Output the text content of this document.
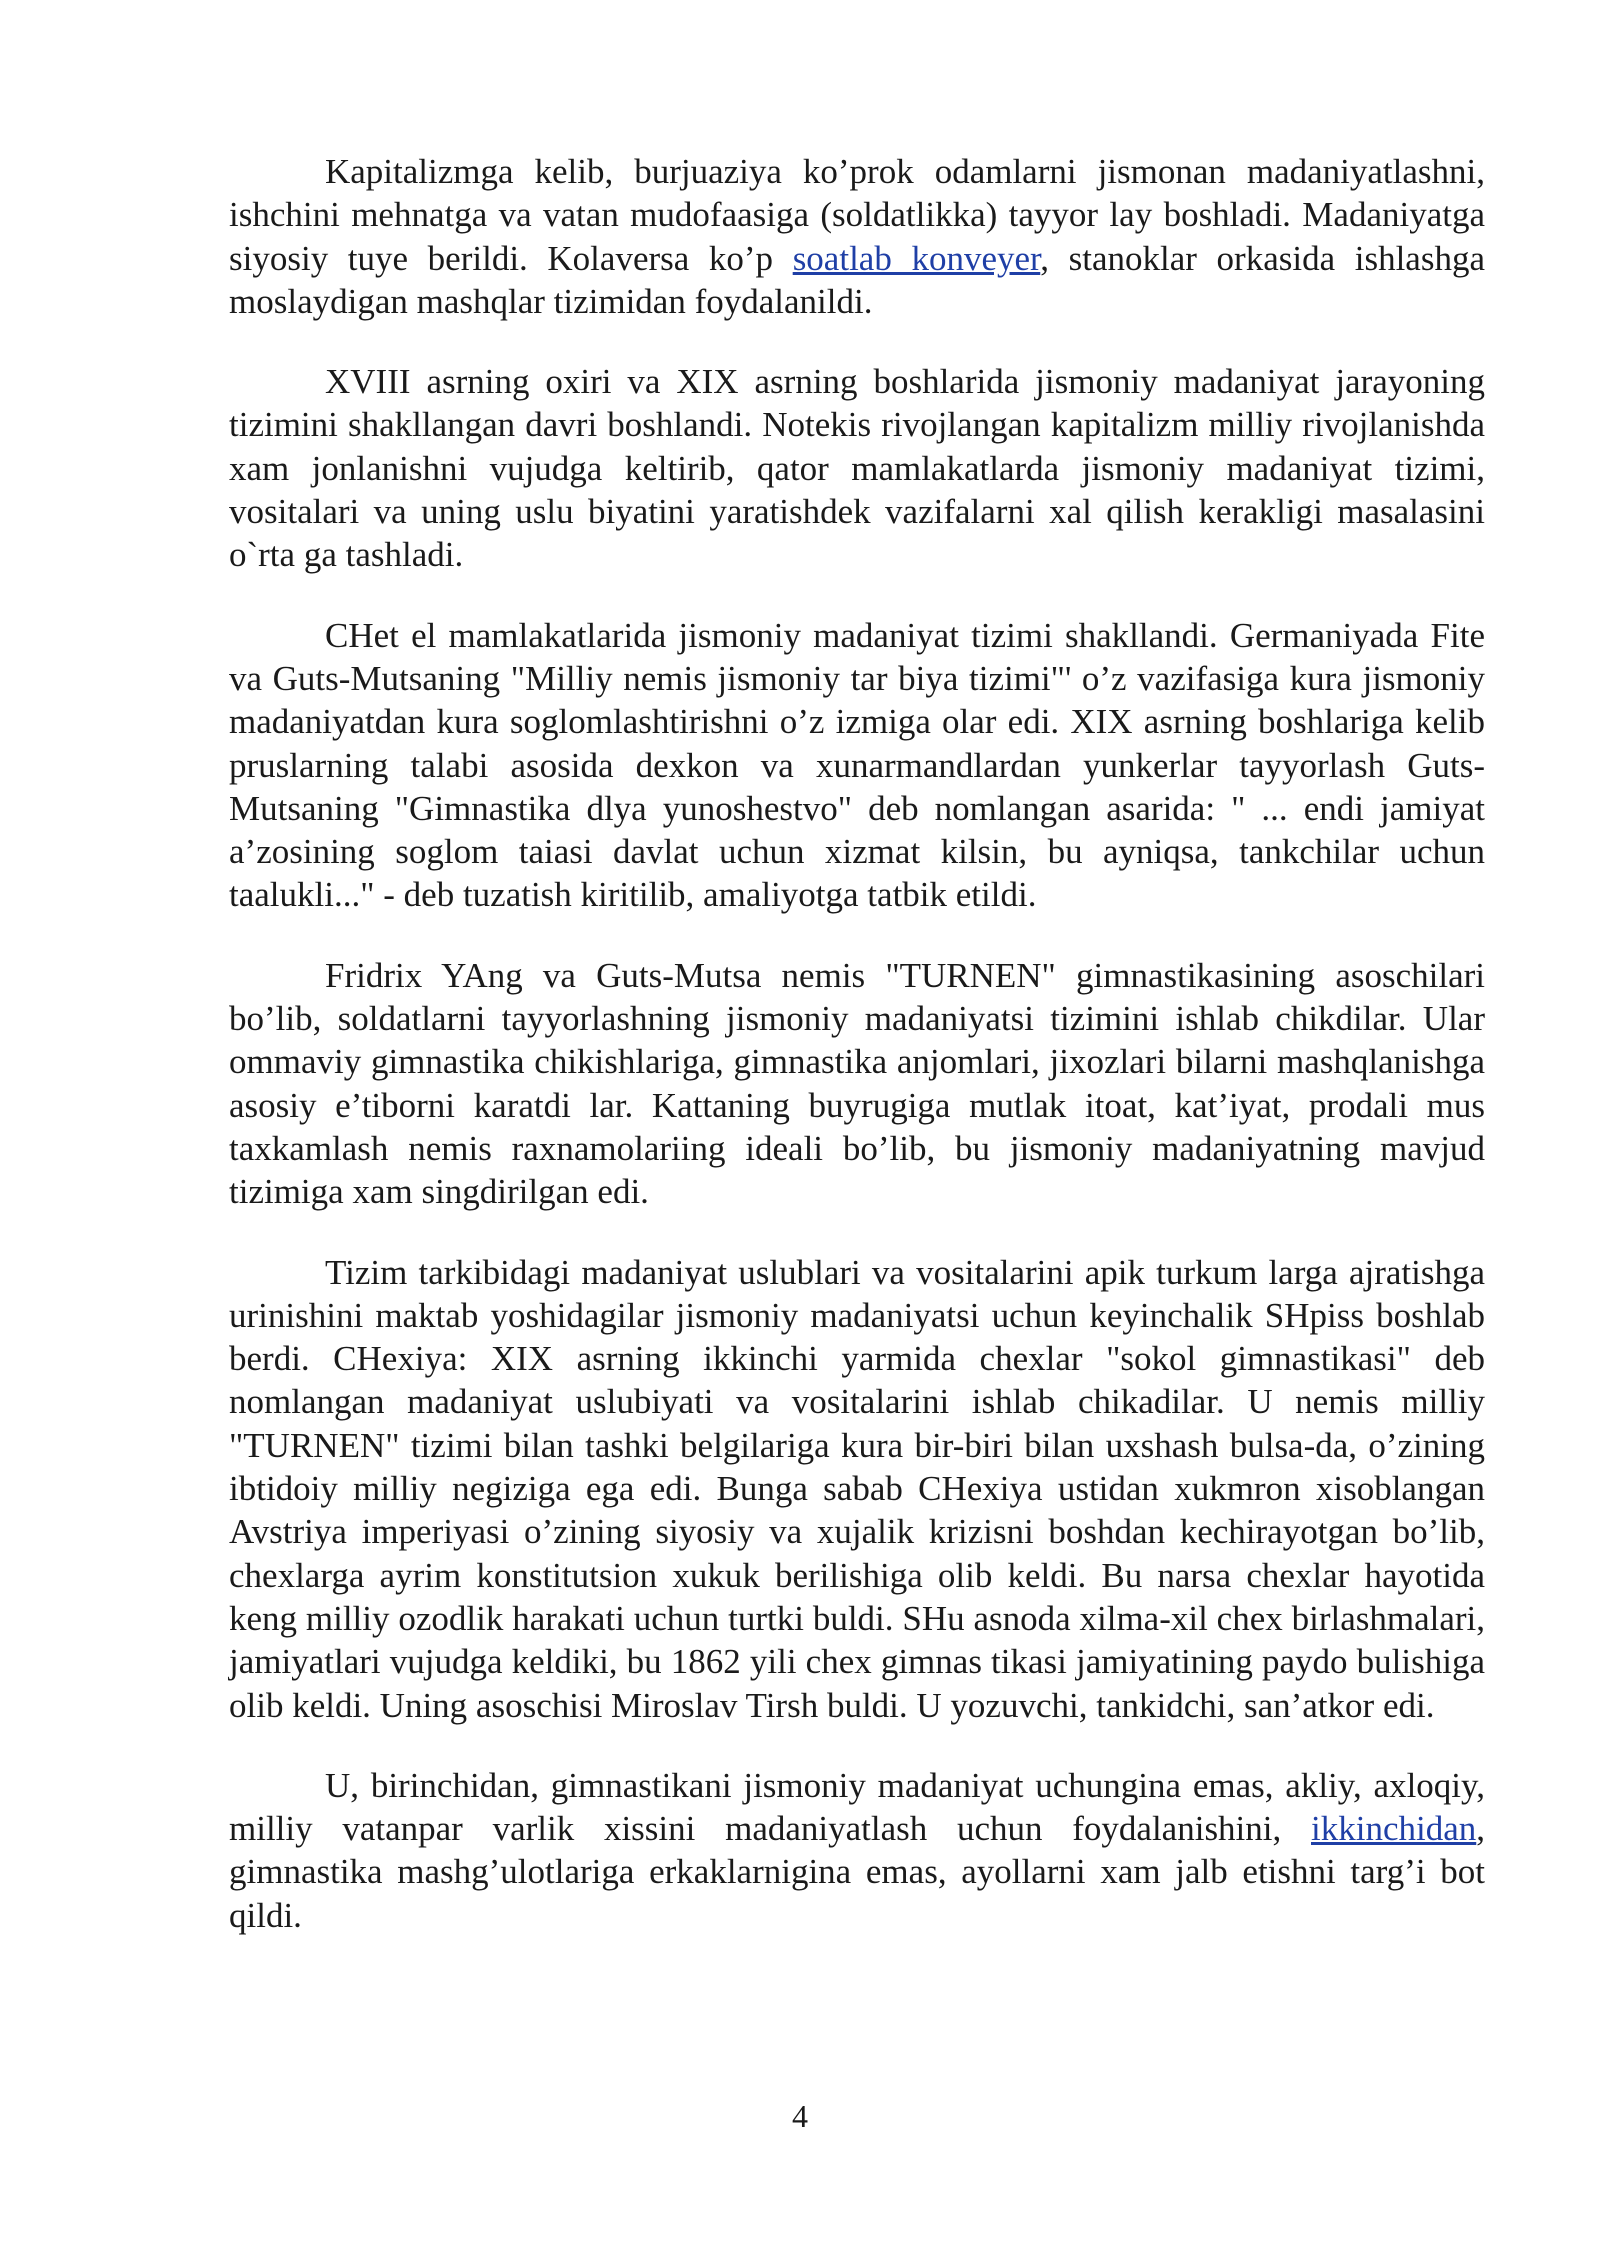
Kapitalizmga kelib, burjuaziya ko’prok odamlarni jismonan madaniyatlashni, ishchini mehnatga va vatan mudofaasiga (soldatlikka) tayyor lay boshladi. Madaniyatga siyosiy tuye berildi. Kolaversa ko’p soatlab konveyer, stanoklar orkasida ishlashga moslaydigan mashqlar tizimidan foydalanildi.

XVIII asrning oxiri va XIX asrning boshlarida jismoniy madaniyat jarayoning tizimini shakllangan davri boshlandi. Notekis rivojlangan kapitalizm milliy rivojlanishda xam jonlanishni vujudga keltirib, qator mamlakatlarda jismoniy madaniyat tizimi, vositalari va uning uslu biyatini yaratishdek vazifalarni xal qilish kerakligi masalasini o`rta ga tashladi.

CHet el mamlakatlarida jismoniy madaniyat tizimi shakllandi. Germaniyada Fite va Guts-Mutsaning "Milliy nemis jismoniy tar biya tizimi"' o’z vazifasiga kura jismoniy madaniyatdan kura soglomlashtirishni o’z izmiga olar edi. XIX asrning boshlariga kelib pruslarning talabi asosida dexkon va xunarmandlardan yunkerlar tayyorlash Guts-Mutsaning "Gimnastika dlya yunoshestvo" deb nomlangan asarida: " ... endi jamiyat a’zosining soglom taiasi davlat uchun xizmat kilsin, bu ayniqsa, tankchilar uchun taalukli..." - deb tuzatish kiritilib, amaliyotga tatbik etildi.

Fridrix YAng va Guts-Mutsa nemis "TURNEN" gimnastikasining asoschilari bo’lib, soldatlarni tayyorlashning jismoniy madaniyatsi tizimini ishlab chikdilar. Ular ommaviy gimnastika chikishlariga, gimnastika anjomlari, jixozlari bilarni mashqlanishga asosiy e’tiborni karatdi lar. Kattaning buyrugiga mutlak itoat, kat’iyat, prodali mus taxkamlash nemis raxnamolariing ideali bo’lib, bu jismoniy madaniyatning mavjud tizimiga xam singdirilgan edi.

Tizim tarkibidagi madaniyat uslublari va vositalarini apik turkum larga ajratishga urinishini maktab yoshidagilar jismoniy madaniyatsi uchun keyinchalik SHpiss boshlab berdi. CHexiya: XIX asrning ikkinchi yarmida chexlar "sokol gimnastikasi" deb nomlangan madaniyat uslubiyati va vositalarini ishlab chikadilar. U nemis milliy "TURNEN" tizimi bilan tashki belgilariga kura bir-biri bilan uxshash bulsa-da, o’zining ibtidoiy milliy negiziga ega edi. Bunga sabab CHexiya ustidan xukmron xisoblangan Avstriya imperiyasi o’zining siyosiy va xujalik krizisni boshdan kechirayotgan bo’lib, chexlarga ayrim konstitutsion xukuk berilishiga olib keldi. Bu narsa chexlar hayotida keng milliy ozodlik harakati uchun turtki buldi. SHu asnoda xilma-xil chex birlashmalari, jamiyatlari vujudga keldiki, bu 1862 yili chex gimnas tikasi jamiyatining paydo bulishiga olib keldi. Uning asoschisi Miroslav Tirsh buldi. U yozuvchi, tankidchi, san’atkor edi.

U, birinchidan, gimnastikani jismoniy madaniyat uchungina emas, akliy, axloqiy, milliy vatanpar varlik xissini madaniyatlash uchun foydalanishini, ikkinchidan, gimnastika mashg’ulotlariga erkaklarnigina emas, ayollarni xam jalb etishni targ’i bot qildi.

4
